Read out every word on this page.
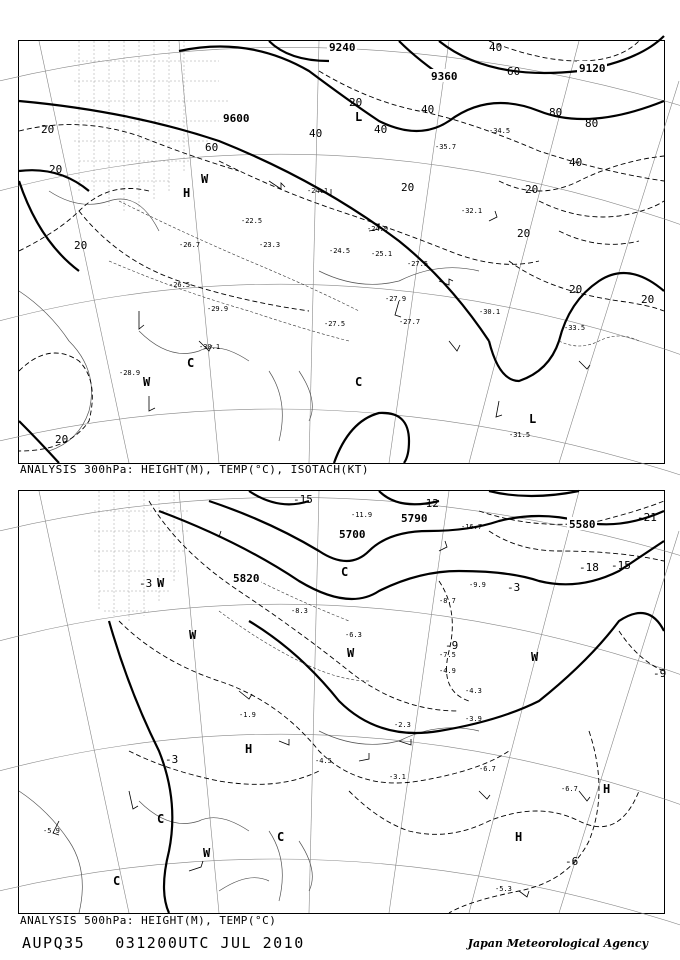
9600
9360
9120
9240
20
20
20
20
60
40
20
40
40
40
60
80
80
40
20	20
20
20
20
H
L
L
C
C
W
W
-24.1
-23.3
-24.5
-24.9
-25.1
-27.5
-27.9
-30.1
-27.7
-27.5
-29.9
-30.1
-28.9
-31.5
-35.7
-34.5
-32.1
-33.5
-26.7
-22.5
-26.5
ANALYSIS 300hPa: HEIGHT(M), TEMP(°C), ISOTACH(KT)
5700
5820
5580
5790
-3
-3
-3
-6
-9
-9
-12
-15
-15
-18
-21
H
H
H
W
W
W	W
W
C
C
C
C
-1.9
-2.3
-3.1
-4.5
-4.3
-3.9
-6.7
-5.3
-9.9
-8.7
-7.5
-4.9
-6.3
-8.3
-11.9
-16.7
-5.9
-6.7
ANALYSIS 500hPa: HEIGHT(M), TEMP(°C)
AUPQ35 031200UTC JUL 2010	Japan Meteorological Agency
